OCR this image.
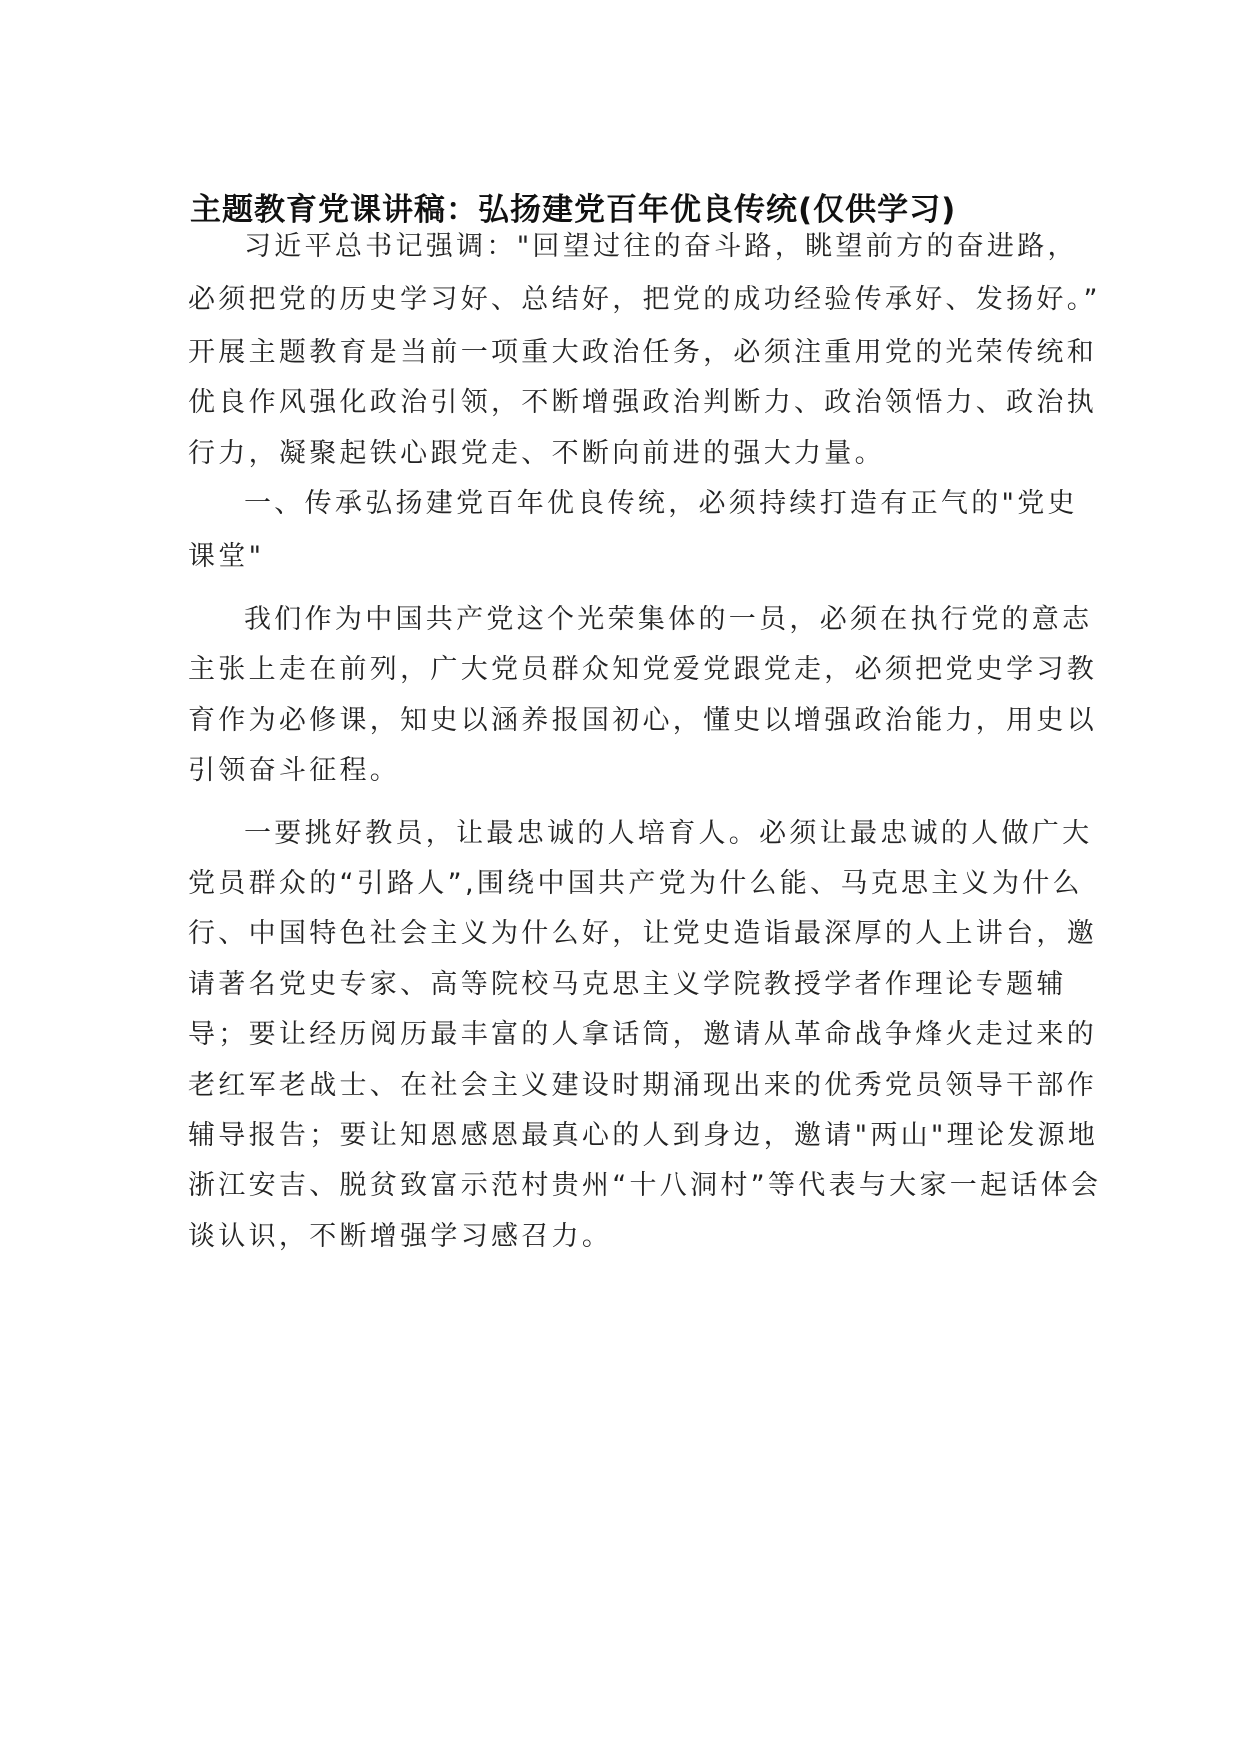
主题教育党课讲稿：弘扬建党百年优良传统(仅供学习)
习近平总书记强调："回望过往的奋斗路，眺望前方的奋进路，
必须把党的历史学习好、总结好，把党的成功经验传承好、发扬好。”
开展主题教育是当前一项重大政治任务，必须注重用党的光荣传统和
优良作风强化政治引领，不断增强政治判断力、政治领悟力、政治执
行力，凝聚起铁心跟党走、不断向前进的强大力量。
一、传承弘扬建党百年优良传统，必须持续打造有正气的"党史
课堂"
我们作为中国共产党这个光荣集体的一员，必须在执行党的意志
主张上走在前列，广大党员群众知党爱党跟党走，必须把党史学习教
育作为必修课，知史以涵养报国初心，懂史以增强政治能力，用史以
引领奋斗征程。
一要挑好教员，让最忠诚的人培育人。必须让最忠诚的人做广大
党员群众的“引路人”,围绕中国共产党为什么能、马克思主义为什么
行、中国特色社会主义为什么好，让党史造诣最深厚的人上讲台，邀
请著名党史专家、高等院校马克思主义学院教授学者作理论专题辅
导；要让经历阅历最丰富的人拿话筒，邀请从革命战争烽火走过来的
老红军老战士、在社会主义建设时期涌现出来的优秀党员领导干部作
辅导报告；要让知恩感恩最真心的人到身边，邀请"两山"理论发源地
浙江安吉、脱贫致富示范村贵州“十八洞村”等代表与大家一起话体会
谈认识，不断增强学习感召力。
